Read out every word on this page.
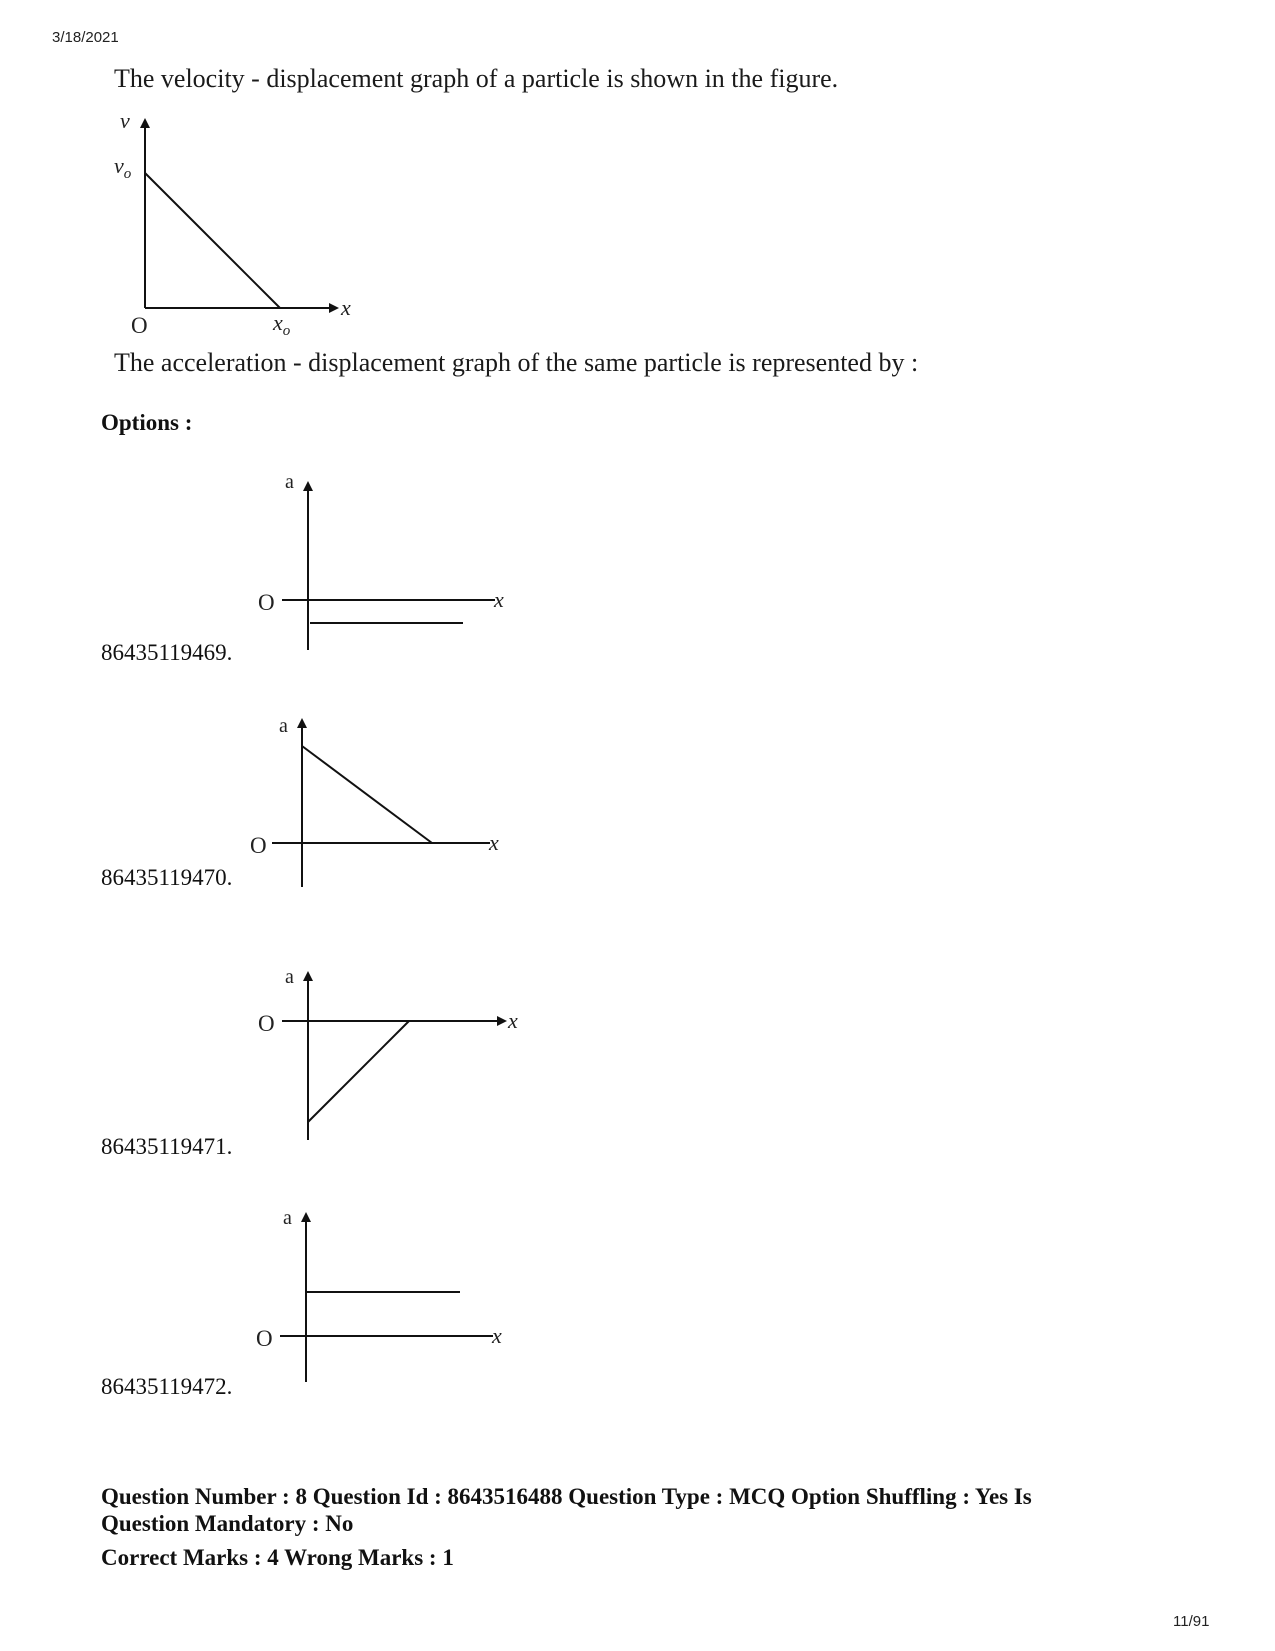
3/18/2021
The velocity - displacement graph of a particle is shown in the figure.
v
$v_o$
O	$x_o$
x
The acceleration - displacement graph of the same particle is represented by :
Options :
a
O	x
86435119469.
a
O	x
86435119470.
a
O	x
86435119471.
a
O	x
86435119472.
Question Number : 8 Question Id : 8643516488 Question Type : MCQ Option Shuffling : Yes Is
Question Mandatory : No
Correct Marks : 4 Wrong Marks : 1
11/91
